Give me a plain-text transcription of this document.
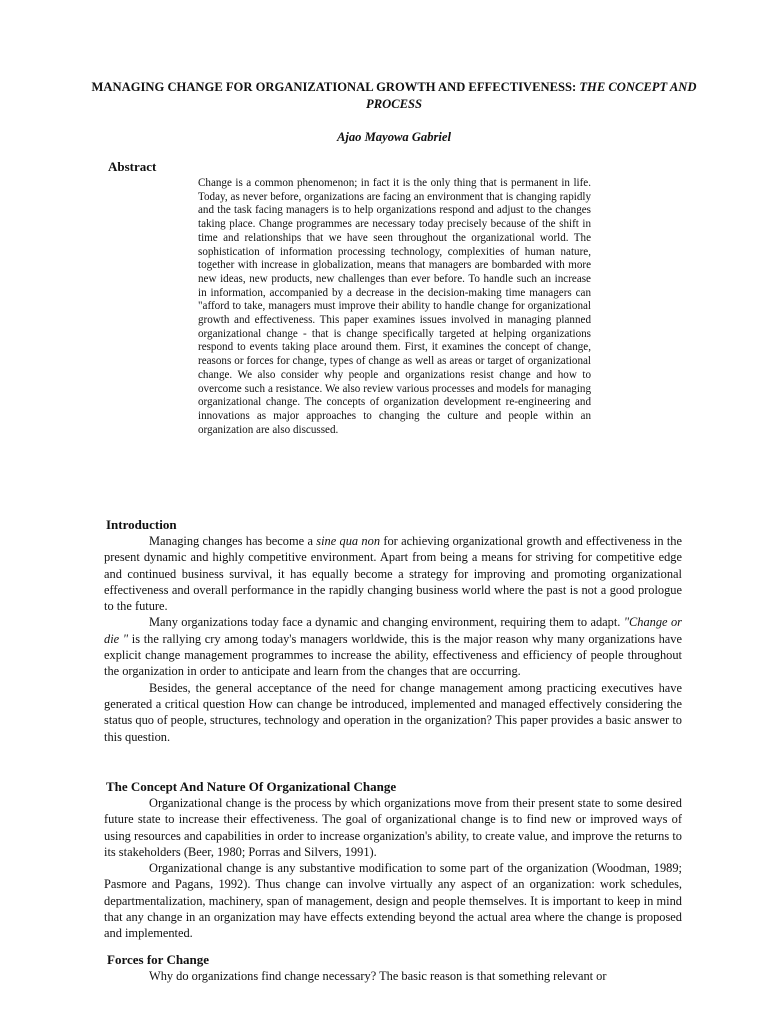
MANAGING CHANGE FOR ORGANIZATIONAL GROWTH AND EFFECTIVENESS: THE CONCEPT AND PROCESS
Ajao Mayowa Gabriel
Abstract

Change is a common phenomenon; in fact it is the only thing that is permanent in life. Today, as never before, organizations are facing an environment that is changing rapidly and the task facing managers is to help organizations respond and adjust to the changes taking place. Change programmes are necessary today precisely because of the shift in time and relationships that we have seen throughout the organizational world. The sophistication of information processing technology, complexities of human nature, together with increase in globalization, means that managers are bombarded with more new ideas, new products, new challenges than ever before. To handle such an increase in information, accompanied by a decrease in the decision-making time managers can "afford to take, managers must improve their ability to handle change for organizational growth and effectiveness. This paper examines issues involved in managing planned organizational change - that is change specifically targeted at helping organizations respond to events taking place around them. First, it examines the concept of change, reasons or forces for change, types of change as well as areas or target of organizational change. We also consider why people and organizations resist change and how to overcome such a resistance. We also review various processes and models for managing organizational change. The concepts of organization development re-engineering and innovations as major approaches to changing the culture and people within an organization are also discussed.

Introduction

Managing changes has become a sine qua non for achieving organizational growth and effectiveness in the present dynamic and highly competitive environment. Apart from being a means for striving for competitive edge and continued business survival, it has equally become a strategy for improving and promoting organizational effectiveness and overall performance in the rapidly changing business world where the past is not a good prologue to the future.

Many organizations today face a dynamic and changing environment, requiring them to adapt. "Change or die " is the rallying cry among today's managers worldwide, this is the major reason why many organizations have explicit change management programmes to increase the ability, effectiveness and efficiency of people throughout the organization in order to anticipate and learn from the changes that are occurring.

Besides, the general acceptance of the need for change management among practicing executives have generated a critical question How can change be introduced, implemented and managed effectively considering the status quo of people, structures, technology and operation in the organization? This paper provides a basic answer to this question.

The Concept And Nature Of Organizational Change

Organizational change is the process by which organizations move from their present state to some desired future state to increase their effectiveness. The goal of organizational change is to find new or improved ways of using resources and capabilities in order to increase organization's ability, to create value, and improve the returns to its stakeholders (Beer, 1980; Porras and Silvers, 1991).

Organizational change is any substantive modification to some part of the organization (Woodman, 1989; Pasmore and Pagans, 1992). Thus change can involve virtually any aspect of an organization: work schedules, departmentalization, machinery, span of management, design and people themselves. It is important to keep in mind that any change in an organization may have effects extending beyond the actual area where the change is proposed and implemented.

Forces for Change

Why do organizations find change necessary? The basic reason is that something relevant or
